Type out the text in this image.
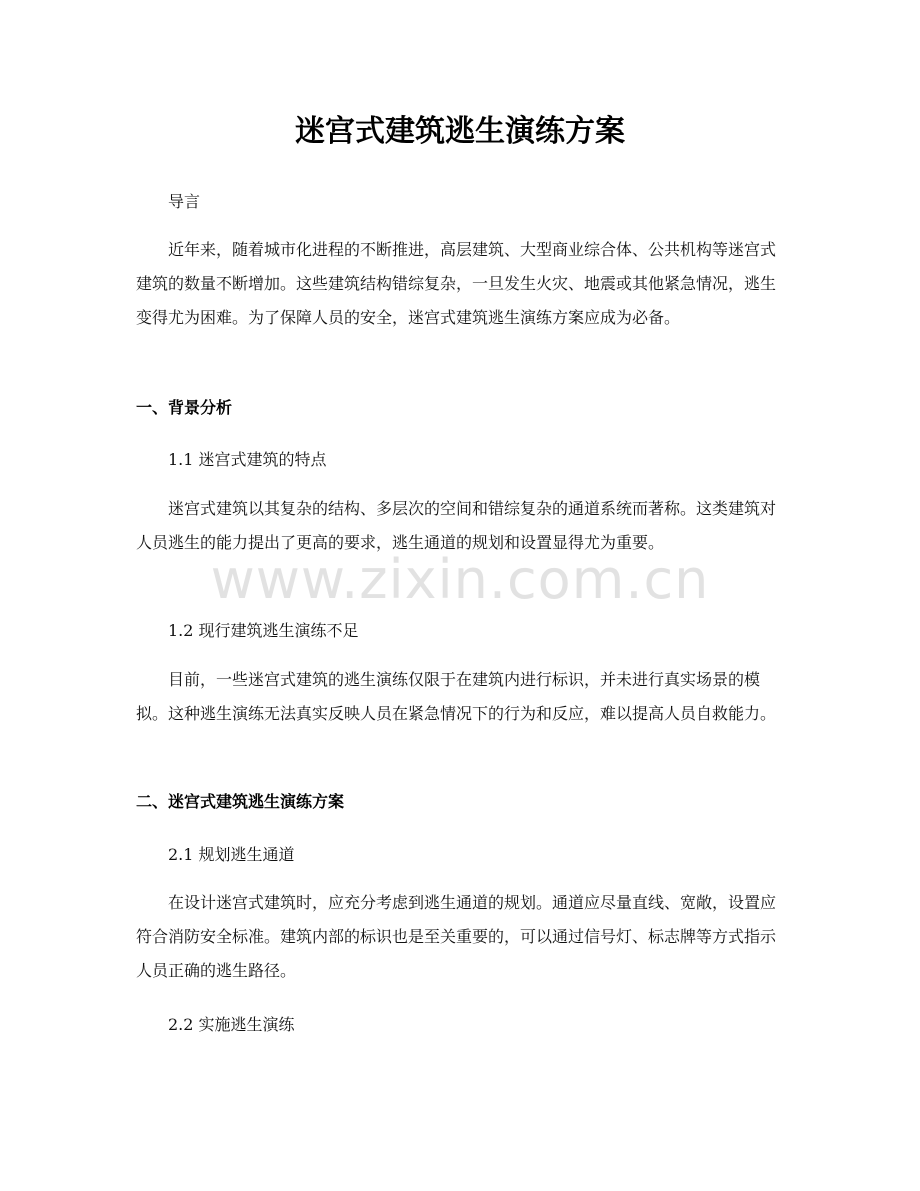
迷宫式建筑逃生演练方案

导言

近年来，随着城市化进程的不断推进，高层建筑、大型商业综合体、公共机构等迷宫式建筑的数量不断增加。这些建筑结构错综复杂，一旦发生火灾、地震或其他紧急情况，逃生变得尤为困难。为了保障人员的安全，迷宫式建筑逃生演练方案应成为必备。

一、背景分析

1.1 迷宫式建筑的特点

迷宫式建筑以其复杂的结构、多层次的空间和错综复杂的通道系统而著称。这类建筑对人员逃生的能力提出了更高的要求，逃生通道的规划和设置显得尤为重要。

1.2 现行建筑逃生演练不足

目前，一些迷宫式建筑的逃生演练仅限于在建筑内进行标识，并未进行真实场景的模拟。这种逃生演练无法真实反映人员在紧急情况下的行为和反应，难以提高人员自救能力。

二、迷宫式建筑逃生演练方案

2.1 规划逃生通道

在设计迷宫式建筑时，应充分考虑到逃生通道的规划。通道应尽量直线、宽敞，设置应符合消防安全标准。建筑内部的标识也是至关重要的，可以通过信号灯、标志牌等方式指示人员正确的逃生路径。

2.2 实施逃生演练

www.zixin.com.cn
